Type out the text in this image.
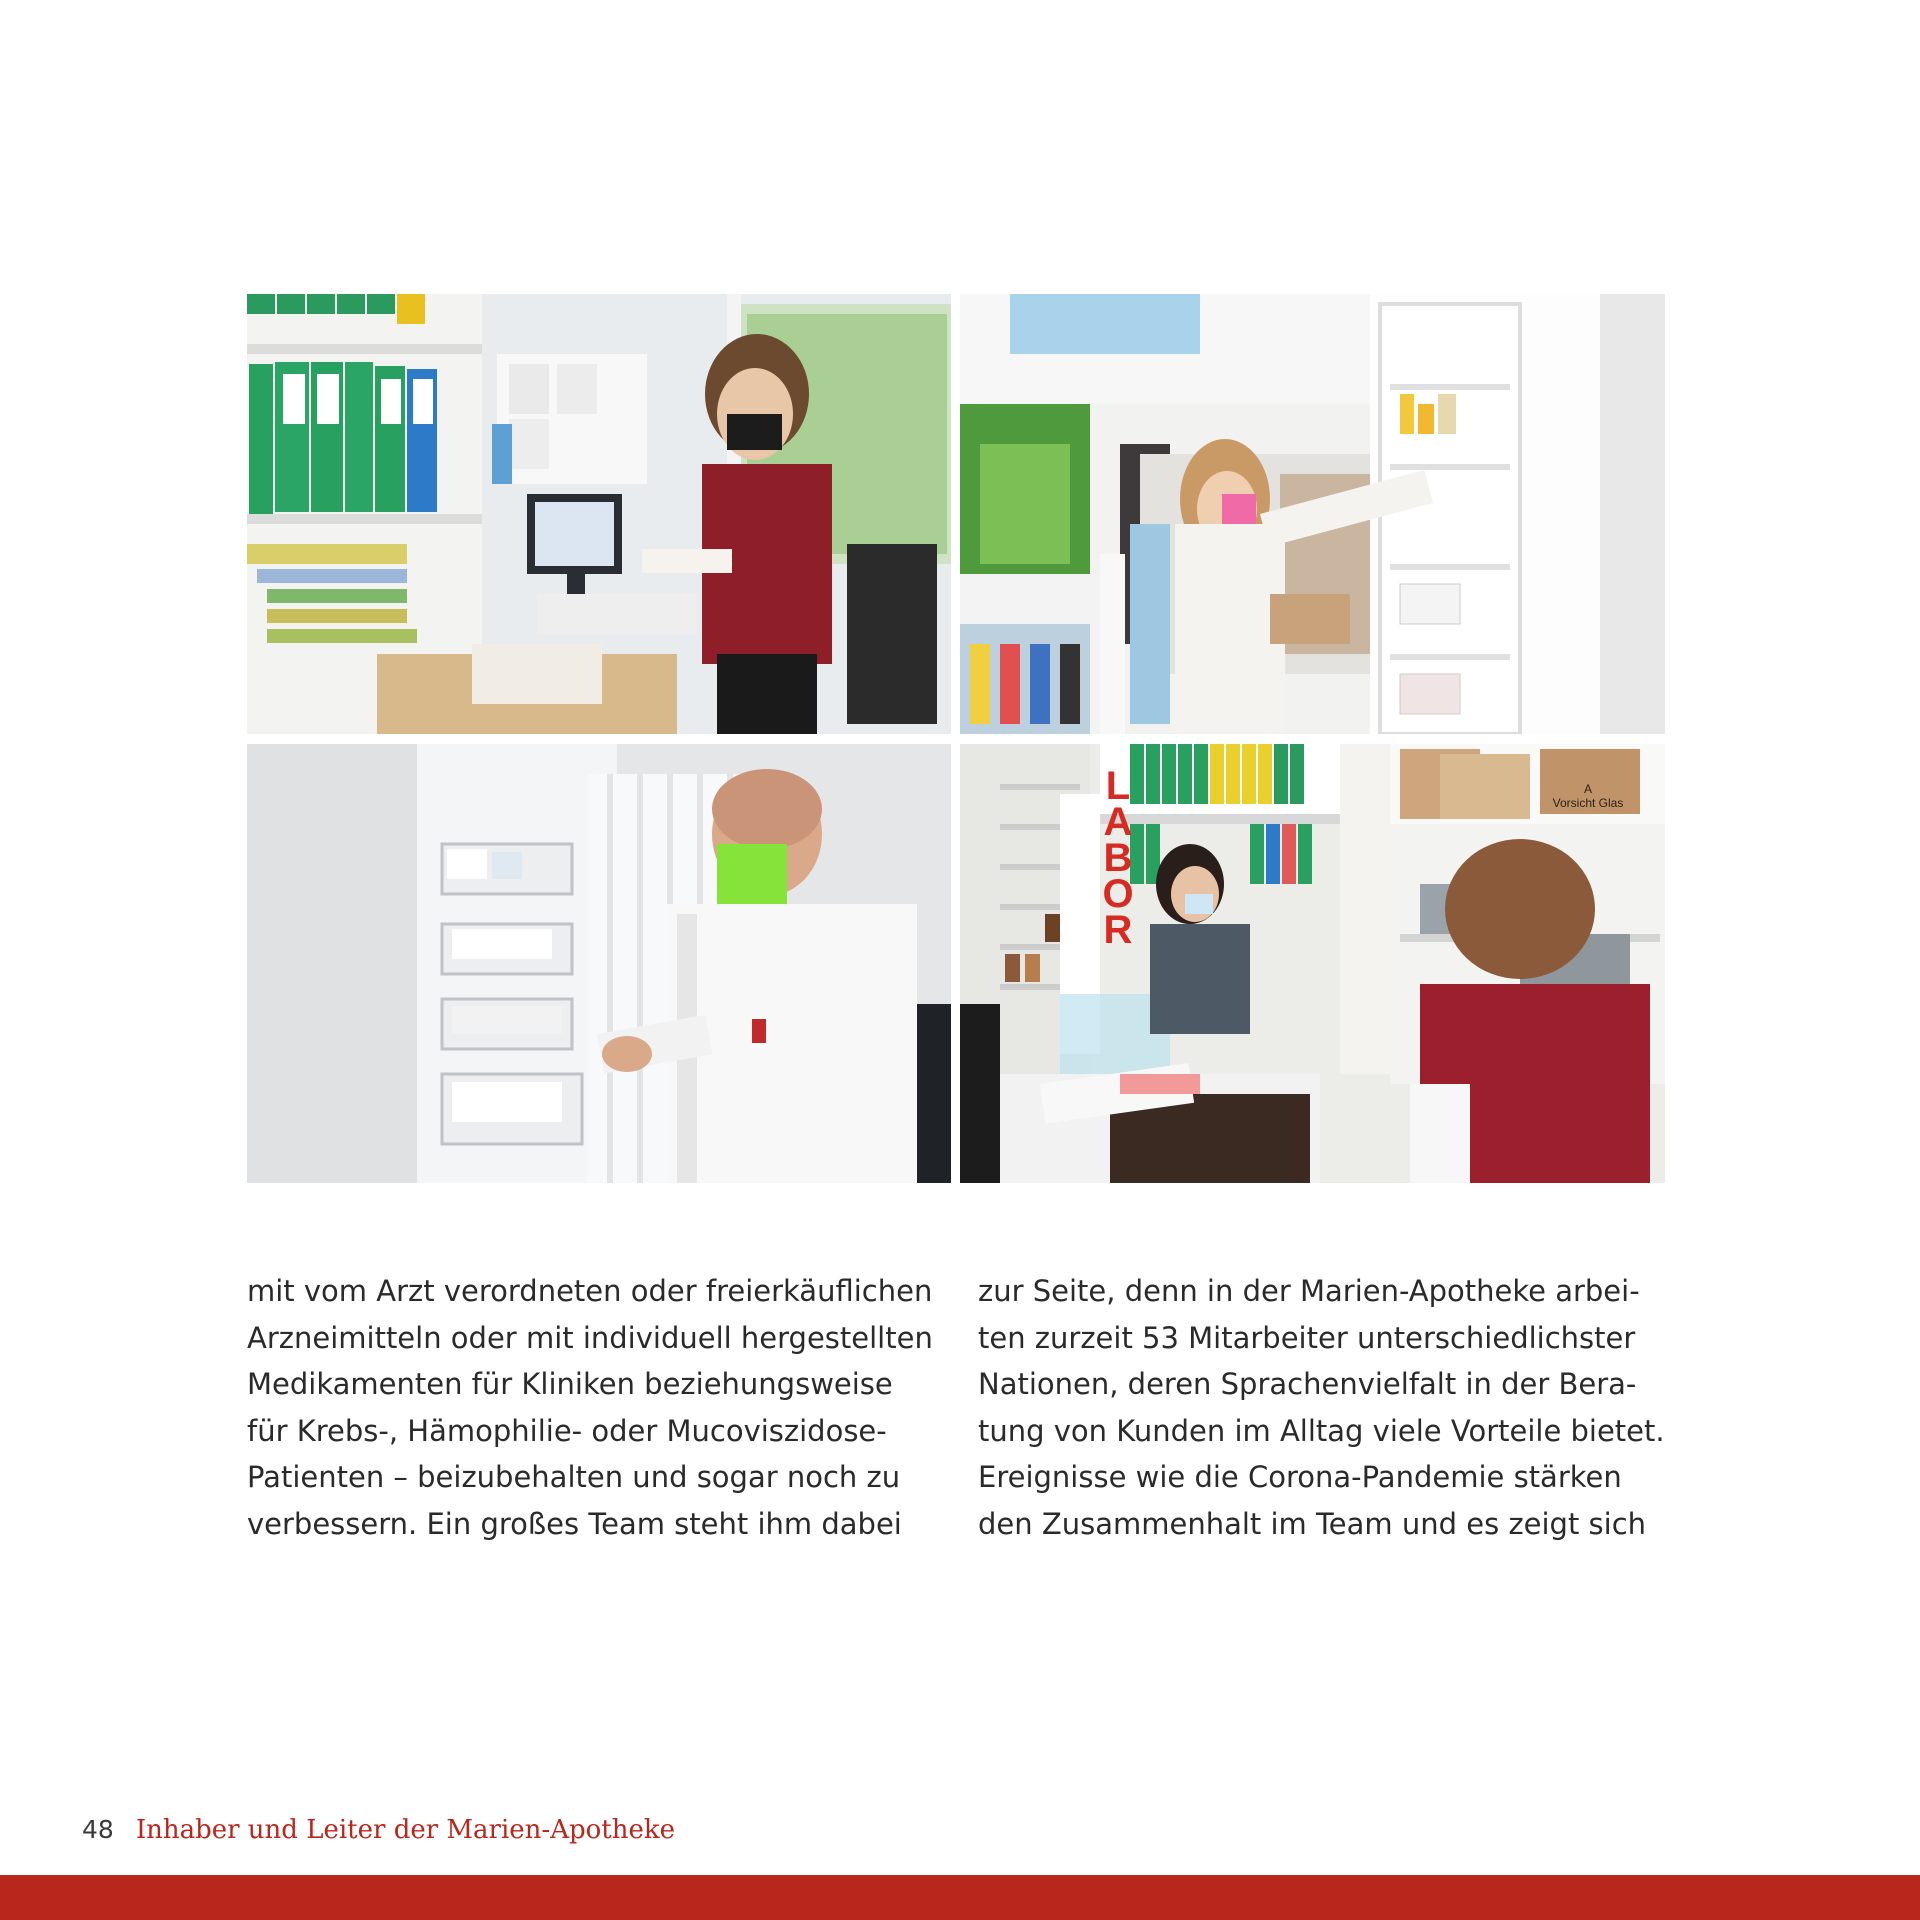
LABOR
A
Vorsicht Glas
mit vom Arzt verordneten oder freierkäuflichen
Arzneimitteln oder mit individuell hergestellten
Medikamenten für Kliniken beziehungsweise
für Krebs-, Hämophilie- oder Mucoviszidose-
Patienten – beizubehalten und sogar noch zu
verbessern. Ein großes Team steht ihm dabei
zur Seite, denn in der Marien-Apotheke arbei-
ten zurzeit 53 Mitarbeiter unterschiedlichster
Nationen, deren Sprachenvielfalt in der Bera-
tung von Kunden im Alltag viele Vorteile bietet.
Ereignisse wie die Corona-Pandemie stärken
den Zusammenhalt im Team und es zeigt sich
48 Inhaber und Leiter der Marien-Apotheke
